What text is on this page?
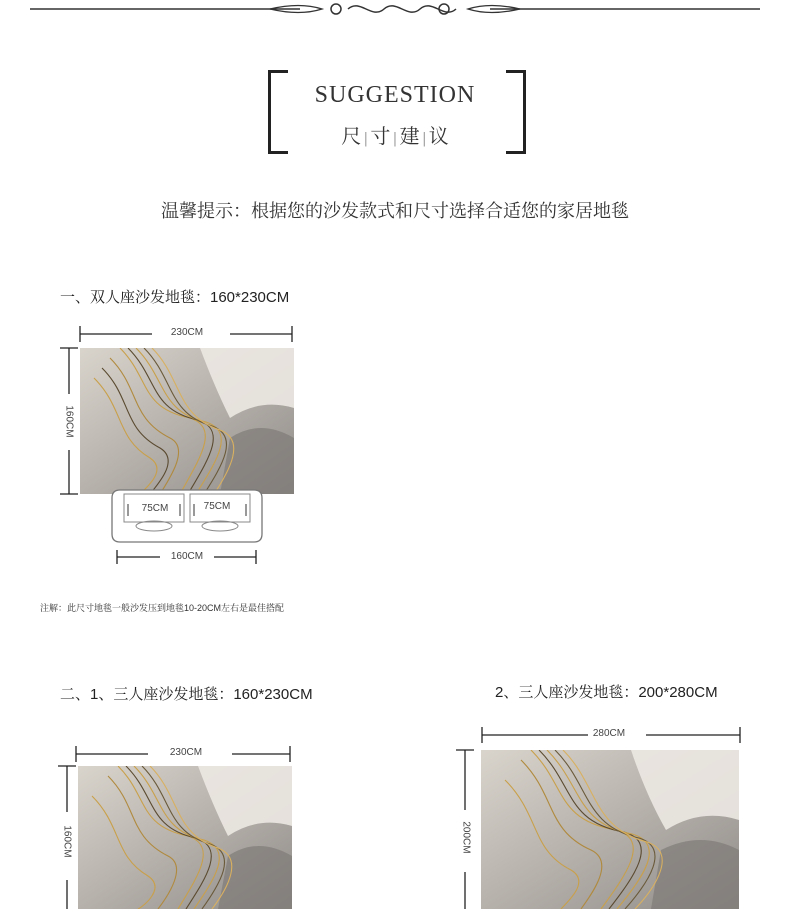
SUGGESTION
尺 | 寸 | 建 | 议
温馨提示：根据您的沙发款式和尺寸选择合适您的家居地毯
一、双人座沙发地毯：160*230CM
230CM
160CM
75CM	75CM
160CM
注解：此尺寸地毯一般沙发压到地毯10-20CM左右是最佳搭配
二、1、三人座沙发地毯：160*230CM
230CM
160CM
2、三人座沙发地毯：200*280CM
280CM
200CM
